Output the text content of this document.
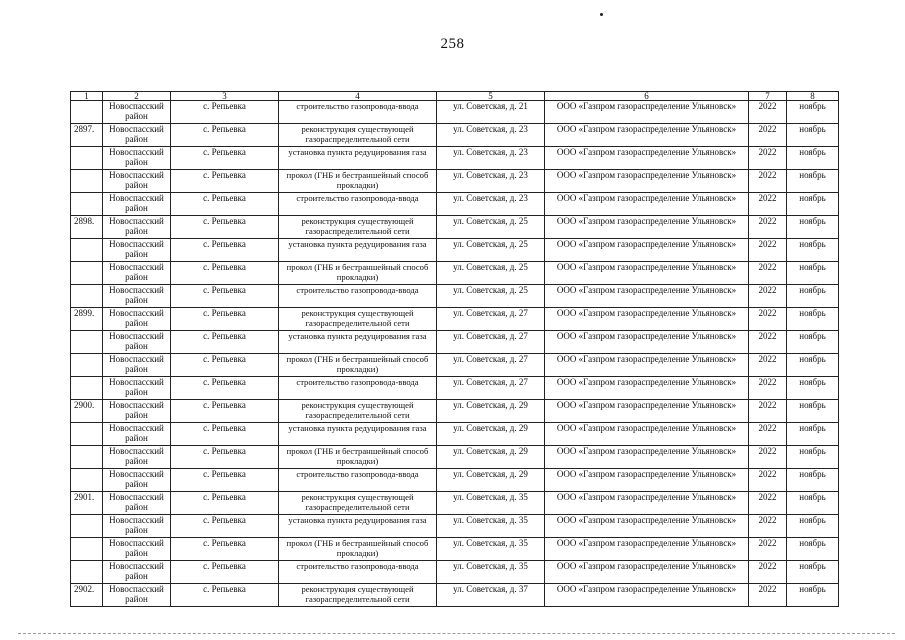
258
1	2	3	4	5	6	7	8
	Новоспасский район	с. Репьевка	строительство газопровода-ввода	ул. Советская, д. 21	ООО «Газпром газораспределение Ульяновск»	2022	ноябрь
2897.	Новоспасский район	с. Репьевка	реконструкция существующей газораспределительной сети	ул. Советская, д. 23	ООО «Газпром газораспределение Ульяновск»	2022	ноябрь
	Новоспасский район	с. Репьевка	установка пункта редуцирования газа	ул. Советская, д. 23	ООО «Газпром газораспределение Ульяновск»	2022	ноябрь
	Новоспасский район	с. Репьевка	прокол (ГНБ и бестраншейный способ прокладки)	ул. Советская, д. 23	ООО «Газпром газораспределение Ульяновск»	2022	ноябрь
	Новоспасский район	с. Репьевка	строительство газопровода-ввода	ул. Советская, д. 23	ООО «Газпром газораспределение Ульяновск»	2022	ноябрь
2898.	Новоспасский район	с. Репьевка	реконструкция существующей газораспределительной сети	ул. Советская, д. 25	ООО «Газпром газораспределение Ульяновск»	2022	ноябрь
	Новоспасский район	с. Репьевка	установка пункта редуцирования газа	ул. Советская, д. 25	ООО «Газпром газораспределение Ульяновск»	2022	ноябрь
	Новоспасский район	с. Репьевка	прокол (ГНБ и бестраншейный способ прокладки)	ул. Советская, д. 25	ООО «Газпром газораспределение Ульяновск»	2022	ноябрь
	Новоспасский район	с. Репьевка	строительство газопровода-ввода	ул. Советская, д. 25	ООО «Газпром газораспределение Ульяновск»	2022	ноябрь
2899.	Новоспасский район	с. Репьевка	реконструкция существующей газораспределительной сети	ул. Советская, д. 27	ООО «Газпром газораспределение Ульяновск»	2022	ноябрь
	Новоспасский район	с. Репьевка	установка пункта редуцирования газа	ул. Советская, д. 27	ООО «Газпром газораспределение Ульяновск»	2022	ноябрь
	Новоспасский район	с. Репьевка	прокол (ГНБ и бестраншейный способ прокладки)	ул. Советская, д. 27	ООО «Газпром газораспределение Ульяновск»	2022	ноябрь
	Новоспасский район	с. Репьевка	строительство газопровода-ввода	ул. Советская, д. 27	ООО «Газпром газораспределение Ульяновск»	2022	ноябрь
2900.	Новоспасский район	с. Репьевка	реконструкция существующей газораспределительной сети	ул. Советская, д. 29	ООО «Газпром газораспределение Ульяновск»	2022	ноябрь
	Новоспасский район	с. Репьевка	установка пункта редуцирования газа	ул. Советская, д. 29	ООО «Газпром газораспределение Ульяновск»	2022	ноябрь
	Новоспасский район	с. Репьевка	прокол (ГНБ и бестраншейный способ прокладки)	ул. Советская, д. 29	ООО «Газпром газораспределение Ульяновск»	2022	ноябрь
	Новоспасский район	с. Репьевка	строительство газопровода-ввода	ул. Советская, д. 29	ООО «Газпром газораспределение Ульяновск»	2022	ноябрь
2901.	Новоспасский район	с. Репьевка	реконструкция существующей газораспределительной сети	ул. Советская, д. 35	ООО «Газпром газораспределение Ульяновск»	2022	ноябрь
	Новоспасский район	с. Репьевка	установка пункта редуцирования газа	ул. Советская, д. 35	ООО «Газпром газораспределение Ульяновск»	2022	ноябрь
	Новоспасский район	с. Репьевка	прокол (ГНБ и бестраншейный способ прокладки)	ул. Советская, д. 35	ООО «Газпром газораспределение Ульяновск»	2022	ноябрь
	Новоспасский район	с. Репьевка	строительство газопровода-ввода	ул. Советская, д. 35	ООО «Газпром газораспределение Ульяновск»	2022	ноябрь
2902.	Новоспасский район	с. Репьевка	реконструкция существующей газораспределительной сети	ул. Советская, д. 37	ООО «Газпром газораспределение Ульяновск»	2022	ноябрь
